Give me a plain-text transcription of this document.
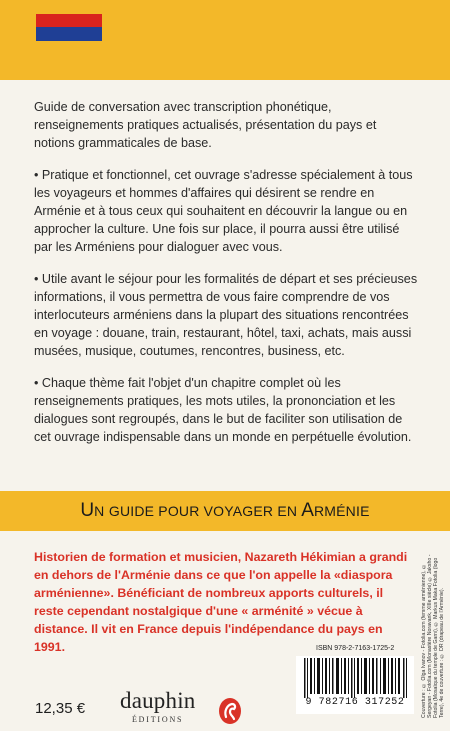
Guide de conversation avec transcription phonétique, renseignements pratiques actualisés, présentation du pays et notions grammaticales de base.

• Pratique et fonctionnel, cet ouvrage s'adresse spécialement à tous les voyageurs et hommes d'affaires qui désirent se rendre en Arménie et à tous ceux qui souhaitent en découvrir la langue ou en approcher la culture. Une fois sur place, il pourra aussi être utilisé par les Arméniens pour dialoguer avec vous.

• Utile avant le séjour pour les formalités de départ et ses précieuses informations, il vous permettra de vous faire comprendre de vos interlocuteurs arméniens dans la plupart des situations rencontrées en voyage : douane, train, restaurant, hôtel, taxi, achats, mais aussi musées, musique, coutumes, rencontres, business, etc.

• Chaque thème fait l'objet d'un chapitre complet où les renseignements pratiques, les mots utiles, la prononciation et les dialogues sont regroupés, dans le but de faciliter son utilisation de cet ouvrage indispensable dans un monde en perpétuelle évolution.

UN GUIDE POUR VOYAGER EN ARMÉNIE
Historien de formation et musicien, Nazareth Hékimian a grandi en dehors de l'Arménie dans ce que l'on appelle la «diaspora arménienne». Bénéficiant de nombreux apports culturels, il reste cependant nostalgique d'une « arménité » vécue à distance. Il vit en France depuis l'indépendance du pays en 1991.	Couverture : © Olga Ivanov - Fotolia.com (femme arménienne), © Sergeyan - Fotolia.com (Monastère Noravank, XIIIe siècle) © Jaksho - Fotolia (Mosaïque du temple de Garni), © Markus Maka Fotolia (logo Terre), 4e de couverture : © DR (drapeau de l'Arménie).
ISBN 978-2-7163-1725-2
9 782716 317252
12,35 € dauphin
ÉDITIONS
